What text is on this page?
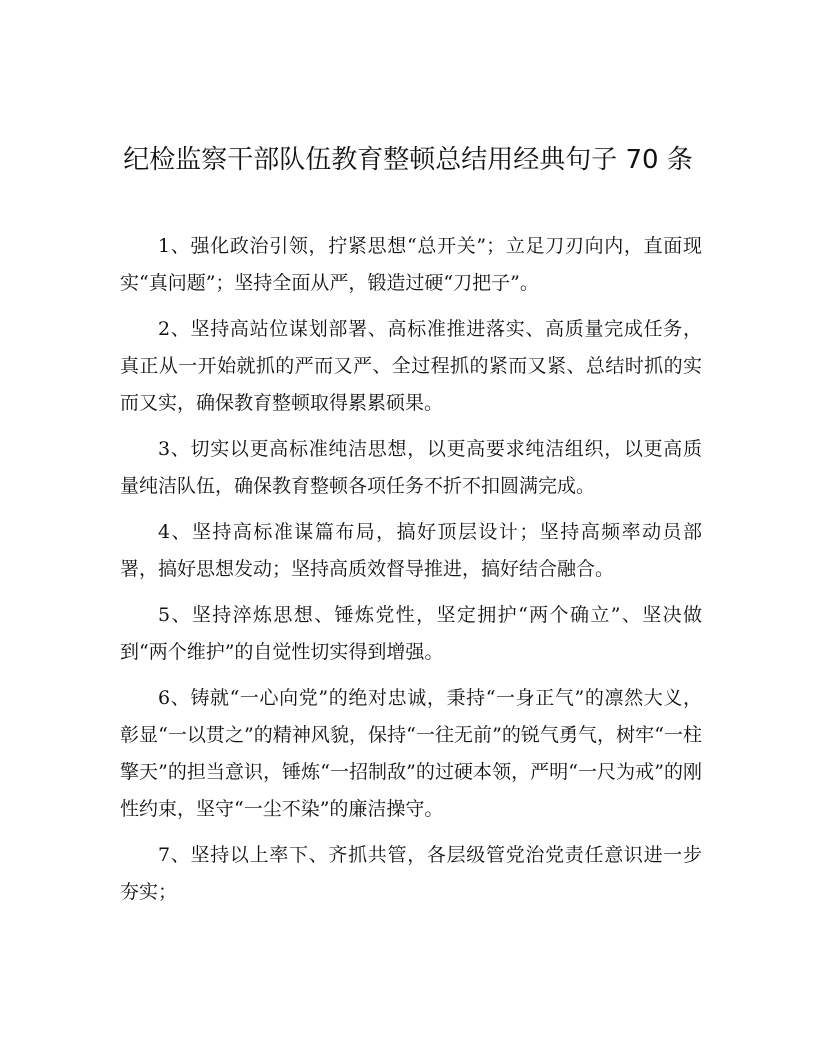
纪检监察干部队伍教育整顿总结用经典句子 70 条

1、强化政治引领，拧紧思想“总开关”；立足刀刃向内，直面现实“真问题”；坚持全面从严，锻造过硬“刀把子”。

2、坚持高站位谋划部署、高标准推进落实、高质量完成任务，真正从一开始就抓的严而又严、全过程抓的紧而又紧、总结时抓的实而又实，确保教育整顿取得累累硕果。

3、切实以更高标准纯洁思想，以更高要求纯洁组织，以更高质量纯洁队伍，确保教育整顿各项任务不折不扣圆满完成。

4、坚持高标准谋篇布局，搞好顶层设计；坚持高频率动员部署，搞好思想发动；坚持高质效督导推进，搞好结合融合。

5、坚持淬炼思想、锤炼党性，坚定拥护“两个确立”、坚决做到“两个维护”的自觉性切实得到增强。

6、铸就“一心向党”的绝对忠诚，秉持“一身正气”的凛然大义，彰显“一以贯之”的精神风貌，保持“一往无前”的锐气勇气，树牢“一柱擎天”的担当意识，锤炼“一招制敌”的过硬本领，严明“一尺为戒”的刚性约束，坚守“一尘不染”的廉洁操守。

7、坚持以上率下、齐抓共管，各层级管党治党责任意识进一步夯实；
